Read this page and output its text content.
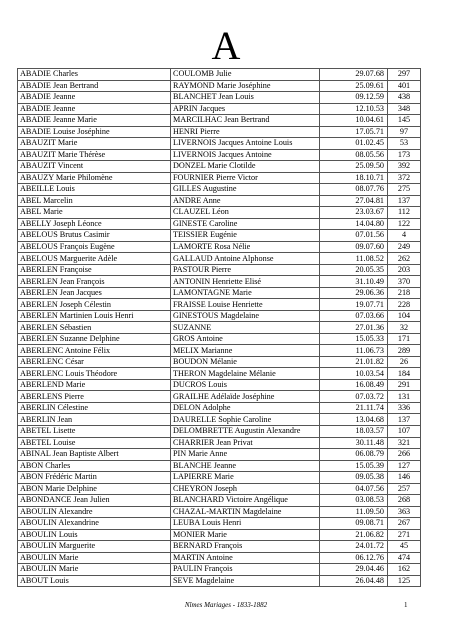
A
ABADIE Charles	COULOMB Julie	29.07.68	297
ABADIE Jean Bertrand	RAYMOND Marie Joséphine	25.09.61	401
ABADIE Jeanne	BLANCHET Jean Louis	09.12.59	438
ABADIE Jeanne	APRIN Jacques	12.10.53	348
ABADIE Jeanne Marie	MARCILHAC Jean Bertrand	10.04.61	145
ABADIE Louise Joséphine	HENRI Pierre	17.05.71	97
ABAUZIT Marie	LIVERNOIS Jacques Antoine Louis	01.02.45	53
ABAUZIT Marie Thérèse	LIVERNOIS Jacques Antoine	08.05.56	173
ABAUZIT Vincent	DONZEL Marie Clotilde	25.09.50	392
ABAUZY Marie Philomène	FOURNIER Pierre Victor	18.10.71	372
ABEILLE Louis	GILLES Augustine	08.07.76	275
ABEL Marcelin	ANDRE Anne	27.04.81	137
ABEL Marie	CLAUZEL Léon	23.03.67	112
ABELLY Joseph Léonce	GINESTE Caroline	14.04.80	122
ABELOUS Brutus Casimir	TEISSIER Eugénie	07.01.56	4
ABELOUS François Eugène	LAMORTE Rosa Nélie	09.07.60	249
ABELOUS Marguerite Adèle	GALLAUD Antoine Alphonse	11.08.52	262
ABERLEN Françoise	PASTOUR Pierre	20.05.35	203
ABERLEN Jean François	ANTONIN Henriette Elisé	31.10.49	370
ABERLEN Jean Jacques	LAMONTAGNE Marie	29.06.36	218
ABERLEN Joseph Célestin	FRAISSE Louise Henriette	19.07.71	228
ABERLEN Martinien Louis Henri	GINESTOUS Magdelaine	07.03.66	104
ABERLEN Sébastien	SUZANNE	27.01.36	32
ABERLEN Suzanne Delphine	GROS Antoine	15.05.33	171
ABERLENC Antoine Félix	MELIX Marianne	11.06.73	289
ABERLENC César	BOUDON Mélanie	21.01.82	26
ABERLENC Louis Théodore	THERON Magdelaine Mélanie	10.03.54	184
ABERLEND Marie	DUCROS Louis	16.08.49	291
ABERLENS Pierre	GRAILHE Adélaïde Joséphine	07.03.72	131
ABERLIN Célestine	DELON Adolphe	21.11.74	336
ABERLIN Jean	DAURELLE Sophie Caroline	13.04.68	137
ABETEL Lisette	DELOMBRETTE Augustin Alexandre	18.03.57	107
ABETEL Louise	CHARRIER Jean Privat	30.11.48	321
ABINAL Jean Baptiste Albert	PIN Marie Anne	06.08.79	266
ABON Charles	BLANCHE Jeanne	15.05.39	127
ABON Frédéric Martin	LAPIERRE Marie	09.05.38	146
ABON Marie Delphine	CHEYRON Joseph	04.07.56	257
ABONDANCE Jean Julien	BLANCHARD Victoire Angélique	03.08.53	268
ABOULIN Alexandre	CHAZAL-MARTIN Magdelaine	11.09.50	363
ABOULIN Alexandrine	LEUBA Louis Henri	09.08.71	267
ABOULIN Louis	MONIER Marie	21.06.82	271
ABOULIN Marguerite	BERNARD François	24.01.72	45
ABOULIN Marie	MARTIN Antoine	06.12.76	474
ABOULIN Marie	PAULIN François	29.04.46	162
ABOUT Louis	SEVE Magdelaine	26.04.48	125
Nîmes Mariages - 1833-1882	1
